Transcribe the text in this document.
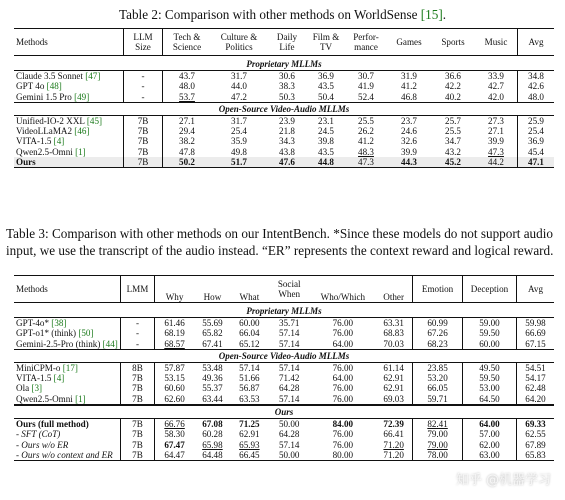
Table 2: Comparison with other methods on WorldSense [15].
Methods	LLM Size	Tech & Science	Culture & Politics	Daily Life	Film & TV	Perfor-mance	Games	Sports	Music	Avg
Proprietary MLLMs										
Claude 3.5 Sonnet [47]	-	43.7	31.7	30.6	36.9	30.7	31.9	36.6	33.9	34.8
GPT 4o [48]	-	48.0	44.0	38.3	43.5	41.9	41.2	42.2	42.7	42.6
Gemini 1.5 Pro [49]	-	53.7	47.2	50.3	50.4	52.4	46.8	40.2	42.0	48.0
Open-Source Video-Audio MLLMs										
Unified-IO-2 XXL [45]	7B	27.1	31.7	23.9	23.1	25.5	23.7	25.7	27.3	25.9
VideoLLaMA2 [46]	7B	29.4	25.4	21.8	24.5	26.2	24.6	25.5	27.1	25.4
VITA-1.5 [4]	7B	38.2	35.9	34.3	39.8	41.2	32.6	34.7	39.9	36.9
Qwen2.5-Omni [1]	7B	47.8	49.8	43.8	43.5	48.3	39.9	43.2	47.3	45.4
Ours	7B	50.2	51.7	47.6	44.8	47.3	44.3	45.2	44.2	47.1
Table 3: Comparison with other methods on our IntentBench. *Since these models do not support audio input, we use the transcript of the audio instead. “ER” represents the context reward and logical reward.
Methods	LMM	Why	How	What	Social When	Who/Which	Other	Emotion	Deception	Avg
Proprietary MLLMs										
GPT-4o* [38]	-	61.46	55.69	60.00	35.71	76.00	63.31	60.99	59.00	59.98
GPT-o1* (think) [50]	-	68.19	65.82	66.04	57.14	76.00	68.83	67.26	59.50	66.69
Gemini-2.5-Pro (think) [44]	-	68.57	67.41	65.12	57.14	64.00	70.03	68.23	60.00	67.15
Open-Source Video-Audio MLLMs										
MiniCPM-o [17]	8B	57.87	53.48	57.14	57.14	76.00	61.14	23.85	49.50	54.51
VITA-1.5 [4]	7B	53.15	49.36	51.66	71.42	64.00	62.91	53.20	59.50	54.17
Ola [3]	7B	60.60	55.37	56.87	64.28	76.00	62.91	66.05	53.00	62.48
Qwen2.5-Omni [1]	7B	62.60	63.44	63.53	57.14	76.00	69.03	59.71	64.50	64.20
Ours										
Ours (full method)	7B	66.76	67.08	71.25	50.00	84.00	72.39	82.41	64.00	69.33
- SFT (CoT)	7B	58.30	60.28	62.91	64.28	76.00	66.41	79.00	57.00	62.55
- Ours w/o ER	7B	67.47	65.98	65.93	57.14	76.00	71.20	79.00	62.00	67.89
- Ours w/o context and ER	7B	64.47	64.48	66.45	50.00	80.00	71.20	78.00	63.00	65.83
知乎 @机器学习
